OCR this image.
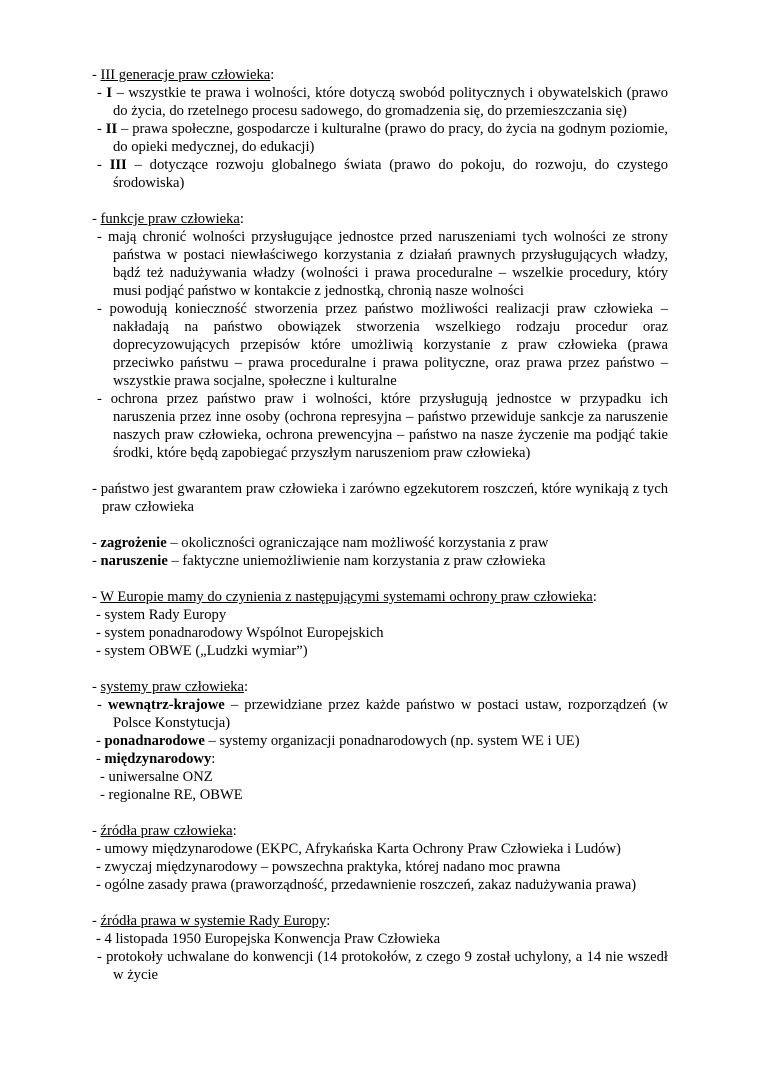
- III generacje praw człowieka:
- I – wszystkie te prawa i wolności, które dotyczą swobód politycznych i obywatelskich (prawo do życia, do rzetelnego procesu sadowego, do gromadzenia się, do przemieszczania się)
- II – prawa społeczne, gospodarcze i kulturalne (prawo do pracy, do życia na godnym poziomie, do opieki medycznej, do edukacji)
- III – dotyczące rozwoju globalnego świata (prawo do pokoju, do rozwoju, do czystego środowiska)
- funkcje praw człowieka:
- mają chronić wolności przysługujące jednostce przed naruszeniami tych wolności ze strony państwa w postaci niewłaściwego korzystania z działań prawnych przysługujących władzy, bądź też nadużywania władzy (wolności i prawa proceduralne – wszelkie procedury, który musi podjąć państwo w kontakcie z jednostką, chronią nasze wolności
- powodują konieczność stworzenia przez państwo możliwości realizacji praw człowieka – nakładają na państwo obowiązek stworzenia wszelkiego rodzaju procedur oraz doprecyzowujących przepisów które umożliwią korzystanie z praw człowieka (prawa przeciwko państwu – prawa proceduralne i prawa polityczne, oraz prawa przez państwo – wszystkie prawa socjalne, społeczne i kulturalne
- ochrona przez państwo praw i wolności, które przysługują jednostce w przypadku ich naruszenia przez inne osoby (ochrona represyjna – państwo przewiduje sankcje za naruszenie naszych praw człowieka, ochrona prewencyjna – państwo na nasze życzenie ma podjąć takie środki, które będą zapobiegać przyszłym naruszeniom praw człowieka)
- państwo jest gwarantem praw człowieka i zarówno egzekutorem roszczeń, które wynikają z tych praw człowieka
- zagrożenie – okoliczności ograniczające nam możliwość korzystania z praw
- naruszenie – faktyczne uniemożliwienie nam korzystania z praw człowieka
- W Europie mamy do czynienia z następującymi systemami ochrony praw człowieka:
- system Rady Europy
- system ponadnarodowy Wspólnot Europejskich
- system OBWE („Ludzki wymiar”)
- systemy praw człowieka:
- wewnątrz-krajowe – przewidziane przez każde państwo w postaci ustaw, rozporządzeń (w Polsce Konstytucja)
- ponadnarodowe – systemy organizacji ponadnarodowych (np. system WE i UE)
- międzynarodowy:
- uniwersalne ONZ
- regionalne RE, OBWE
- źródła praw człowieka:
- umowy międzynarodowe (EKPC, Afrykańska Karta Ochrony Praw Człowieka i Ludów)
- zwyczaj międzynarodowy – powszechna praktyka, której nadano moc prawna
- ogólne zasady prawa (praworządność, przedawnienie roszczeń, zakaz nadużywania prawa)
- źródła prawa w systemie Rady Europy:
- 4 listopada 1950 Europejska Konwencja Praw Człowieka
- protokoły uchwalane do konwencji (14 protokołów, z czego 9 został uchylony, a 14 nie wszedł w życie
